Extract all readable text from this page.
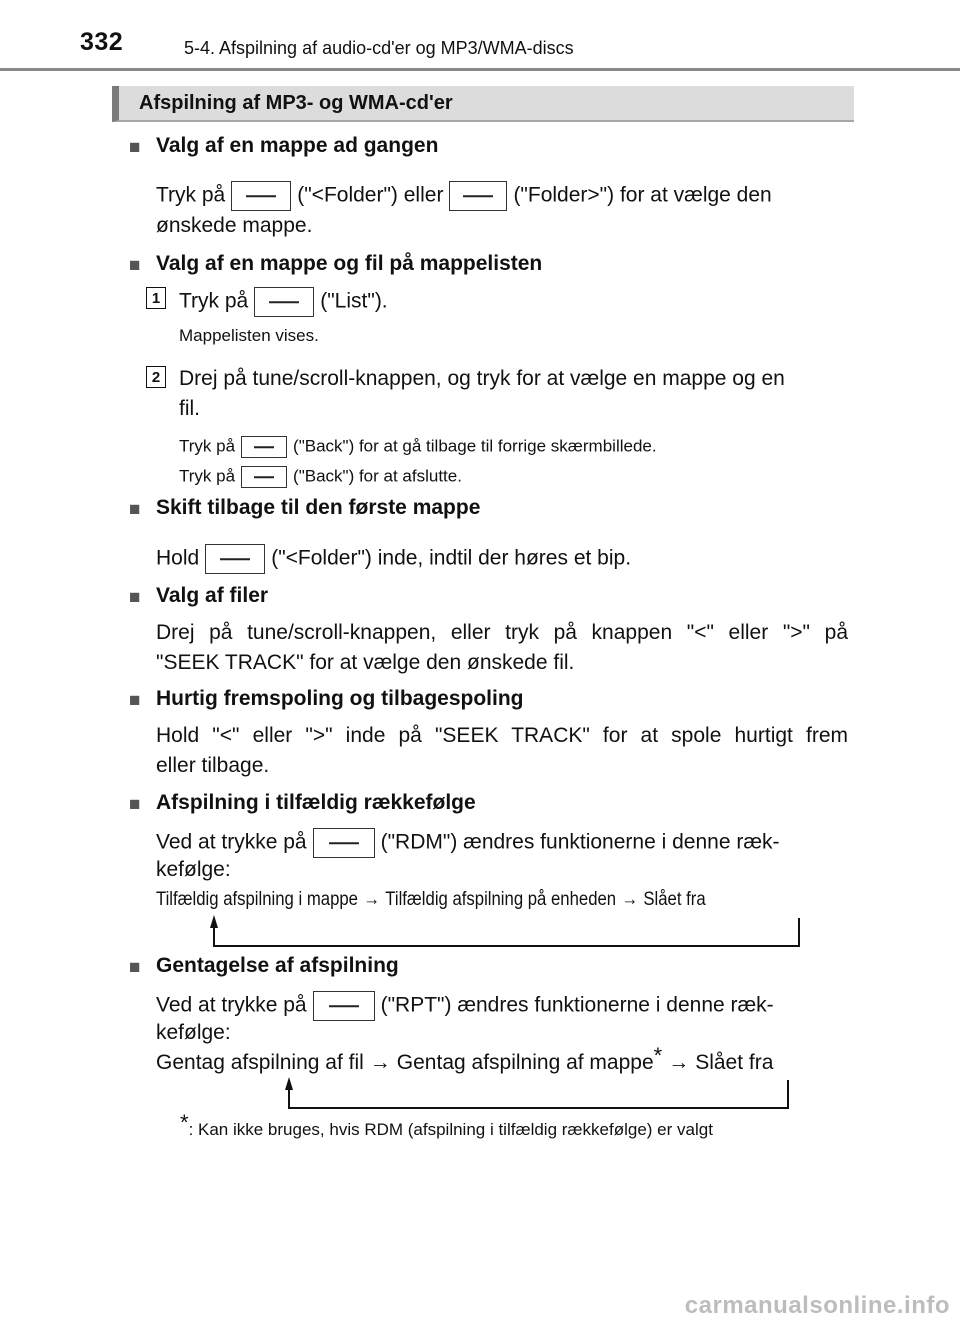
332	5-4. Afspilning af audio-cd'er og MP3/WMA-discs
Afspilning af MP3- og WMA-cd'er
■ Valg af en mappe ad gangen
Tryk på	("<Folder") eller	("Folder>") for at vælge den
ønskede mappe.
■ Valg af en mappe og fil på mappelisten
1 Tryk på	("List").
Mappelisten vises.
2 Drej på tune/scroll-knappen, og tryk for at vælge en mappe og en
fil.
Tryk på	("Back") for at gå tilbage til forrige skærmbillede.
Tryk på	("Back") for at afslutte.
■ Skift tilbage til den første mappe
Hold	("<Folder") inde, indtil der høres et bip.
■ Valg af filer
Drej på tune/scroll-knappen, eller tryk på knappen "<" eller ">" på
"SEEK TRACK" for at vælge den ønskede fil.
■ Hurtig fremspoling og tilbagespoling
Hold "<" eller ">" inde på "SEEK TRACK" for at spole hurtigt frem
eller tilbage.
■ Afspilning i tilfældig rækkefølge
Ved at trykke på	("RDM") ændres funktionerne i denne ræk-
kefølge:
Tilfældig afspilning i mappe → Tilfældig afspilning på enheden → Slået fra
■ Gentagelse af afspilning
Ved at trykke på	("RPT") ændres funktionerne i denne ræk-
kefølge:
Gentag afspilning af fil → Gentag afspilning af mappe* → Slået fra
*: Kan ikke bruges, hvis RDM (afspilning i tilfældig rækkefølge) er valgt
carmanualsonline.info
